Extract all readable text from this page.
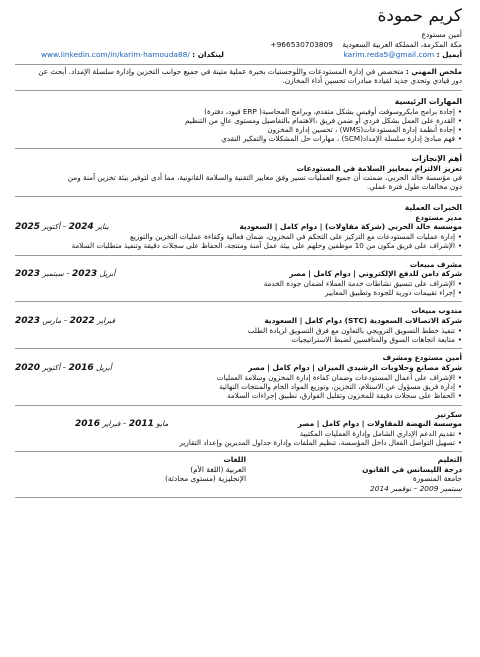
كريم حمودة
أمين مستودع
مكة المكرمة، المملكة العربية السعودية    +966530703809
أيميل : karim.reda5@gmail.com
لينكدان : www.linkedin.com/in/karim-hamouda88/
ملخص المهني : متخصص في إدارة المستودعات واللوجستيات بخبرة عملية متينة في جميع جوانب التخزين وإدارة سلسلة الإمداد. أبحث عن
دور قيادي وتحدي جديد لقيادة مبادرات تحسين أداء المخازن.
المهارات الرئيسية
• إجادة برامج مايكروسوفت أوفيس بشكل متقدم، وبرامج المحاسبة( ERP قيود، دفترة)
• القدرة على العمل بشكل فردي أو ضمن فريق ،الاهتمام بالتفاصيل ومستوى عالٍ من التنظيم
• إجادة أنظمة إدارة المستودعات(WMS) ، تحسين إدارة المخزون
• فهم مبادئ إدارة سلسلة الإمداد(SCM) ، مهارات حل المشكلات والتفكير النقدي
أهم الإنجازات
تعزيز الالتزام بمعايير السلامة في المستودعات
في مؤسسة خالد الحربي، ضمنت أن جميع العمليات تسير وفق معايير التقنية والسلامة القانونية، مما أدى لتوفير بيئة تخزين آمنة ومن
دون مخالفات طول فترة عملي.
الخبرات العملية
مدير مستودع
موسسة خالد الحربي (شركة مقاولات) | دوام كامل | السعودية
يناير 2024 – أكتوبر 2025
• إدارة عمليات المستودعات مع التركيز على التحكم في المخزون، ضمان فعالية وكفاءة عمليات التخزين والتوزيع
• الإشراف على فريق مكون من 10 موظفين وحلهم على بيئة عمل آمنة ومنتجة، الحفاظ على سجلات دقيقة وتنفيذ متطلبات السلامة
مشرف مبيعات
شركة دامن للدفع الإلكتروني | دوام كامل | مصر
أبريل 2023 – سبتمبر 2023
• الإشراف على تنسيق نشاطات خدمة العملاء لضمان جودة الخدمة
• إجراء تقييمات دورية للجودة وتطبيق المعايير
مندوب مبيعات
شركة الاتصالات السعودية (STC) دوام كامل | السعودية
فبراير 2022 – مارس 2023
• تنفيذ خطط التسويق الترويجي بالتعاون مع فرق التسويق لزيادة الطلب
• متابعة اتجاهات السوق والمنافسين لضبط الاستراتيجيات
أمين مستودع ومشرف
شركة مصانع وحلاويات الرشيدي الميزان | دوام كامل | مصر
أبريل 2016 – أكتوبر 2020
• الإشراف على أعمال المستودعات وضمان كفاءة إدارة المخزون وسلامة العمليات
• إدارة فريق مسؤول عن الاستلام، التخزين، وتوزيع المواد الخام والمنتجات النهائية
• الحفاظ على سجلات دقيقة للمخزون وتقليل الفوارق، تطبيق إجراءات السلامة
سكرتير
موسسة النهضة للمقاولات | دوام كامل | مصر
مايو 2011 – فبراير 2016
• تقديم الدعم الإداري الشامل وإدارة العمليات المكتبية
• تسهيل التواصل الفعال داخل المؤسسة، تنظيم الملفات وإدارة جداول المديرين وإعداد التقارير
التعليم
درجة الليسانس في القانون
جامعة المنصورة
سبتمبر 2009 – نوفمبر 2014
اللغات
العربية (اللغة الأم)
الإنجليزية (مستوى محادثة)
